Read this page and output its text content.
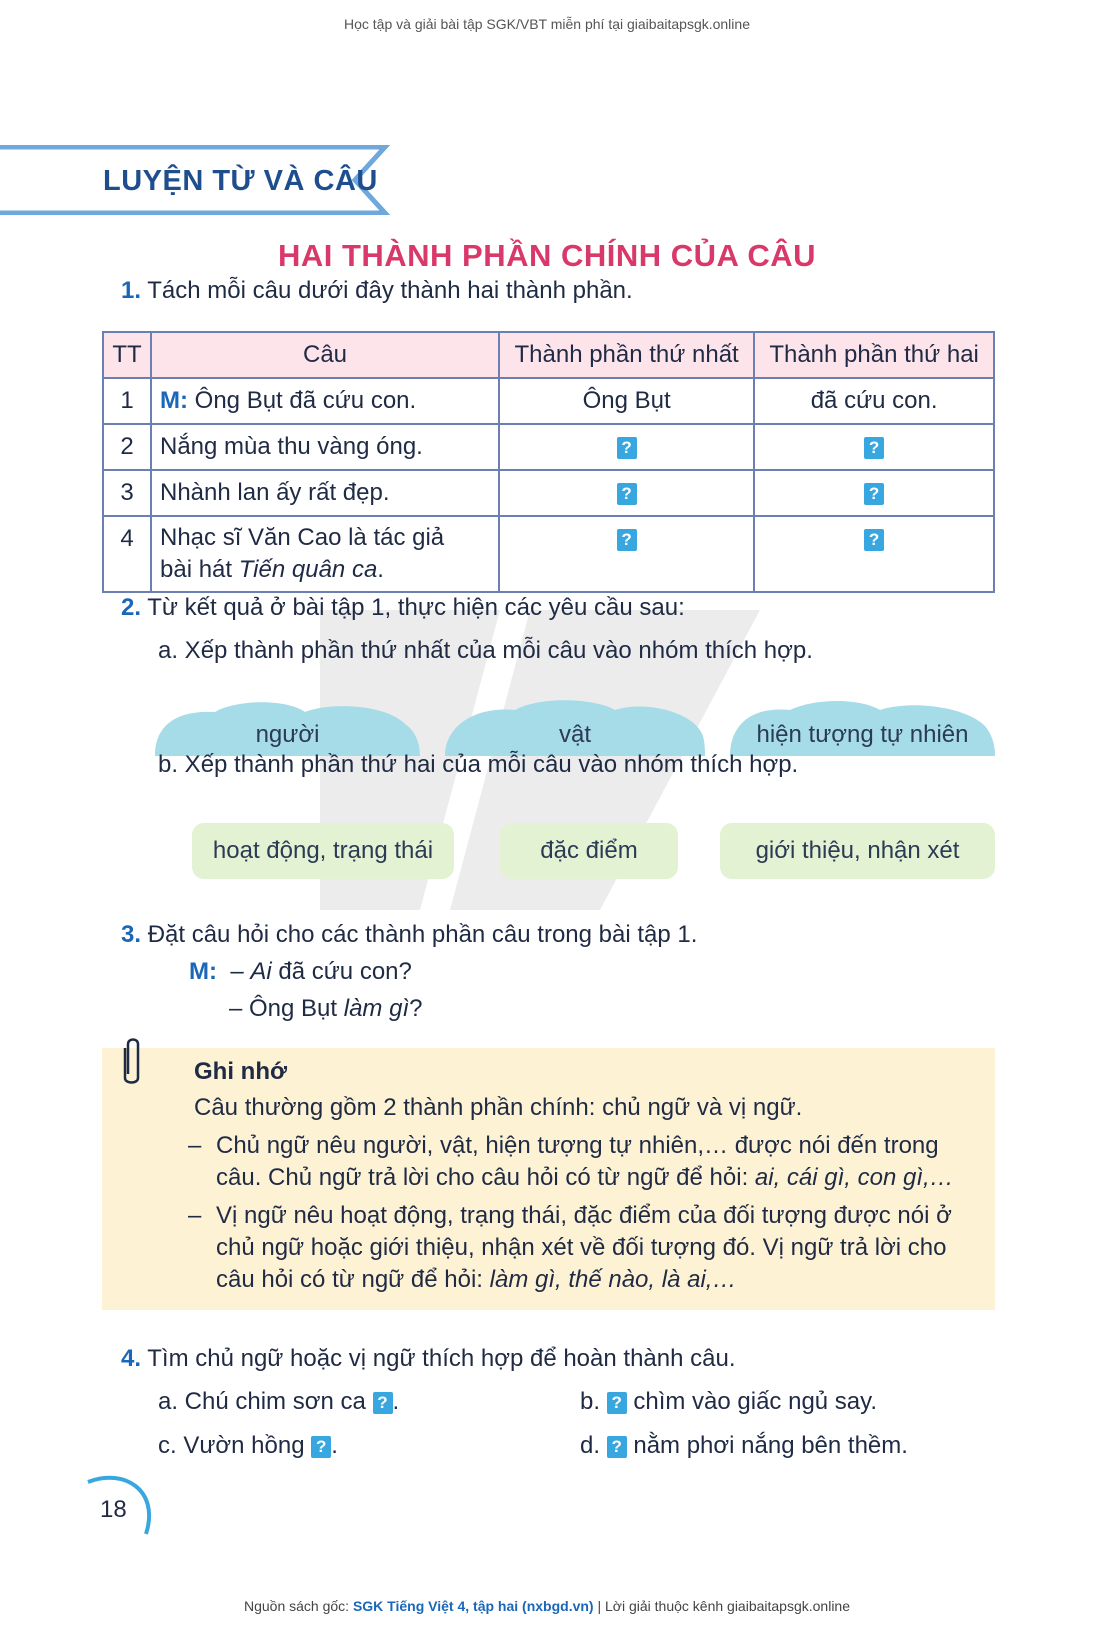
Học tập và giải bài tập SGK/VBT miễn phí tại giaibaitapsgk.online
LUYỆN TỪ VÀ CÂU
HAI THÀNH PHẦN CHÍNH CỦA CÂU
1. Tách mỗi câu dưới đây thành hai thành phần.
TT	Câu	Thành phần thứ nhất	Thành phần thứ hai
1	M: Ông Bụt đã cứu con.	Ông Bụt	đã cứu con.
2	Nắng mùa thu vàng óng.	?	?
3	Nhành lan ấy rất đẹp.	?	?
4	Nhạc sĩ Văn Cao là tác giả
bài hát Tiến quân ca.	?	?
2. Từ kết quả ở bài tập 1, thực hiện các yêu cầu sau:
a. Xếp thành phần thứ nhất của mỗi câu vào nhóm thích hợp.
người	vật	hiện tượng tự nhiên
b. Xếp thành phần thứ hai của mỗi câu vào nhóm thích hợp.
hoạt động, trạng thái	đặc điểm	giới thiệu, nhận xét
3. Đặt câu hỏi cho các thành phần câu trong bài tập 1.
M: – Ai đã cứu con?
– Ông Bụt làm gì?
Ghi nhớ
Câu thường gồm 2 thành phần chính: chủ ngữ và vị ngữ.
– Chủ ngữ nêu người, vật, hiện tượng tự nhiên,… được nói đến trong
câu. Chủ ngữ trả lời cho câu hỏi có từ ngữ để hỏi: ai, cái gì, con gì,…
– Vị ngữ nêu hoạt động, trạng thái, đặc điểm của đối tượng được nói ở
chủ ngữ hoặc giới thiệu, nhận xét về đối tượng đó. Vị ngữ trả lời cho
câu hỏi có từ ngữ để hỏi: làm gì, thế nào, là ai,…
4. Tìm chủ ngữ hoặc vị ngữ thích hợp để hoàn thành câu.
a. Chú chim sơn ca ? .	b. ? chìm vào giấc ngủ say.
c. Vườn hồng ? .	d. ? nằm phơi nắng bên thềm.
18
Nguồn sách gốc: SGK Tiếng Việt 4, tập hai (nxbgd.vn) | Lời giải thuộc kênh giaibaitapsgk.online
